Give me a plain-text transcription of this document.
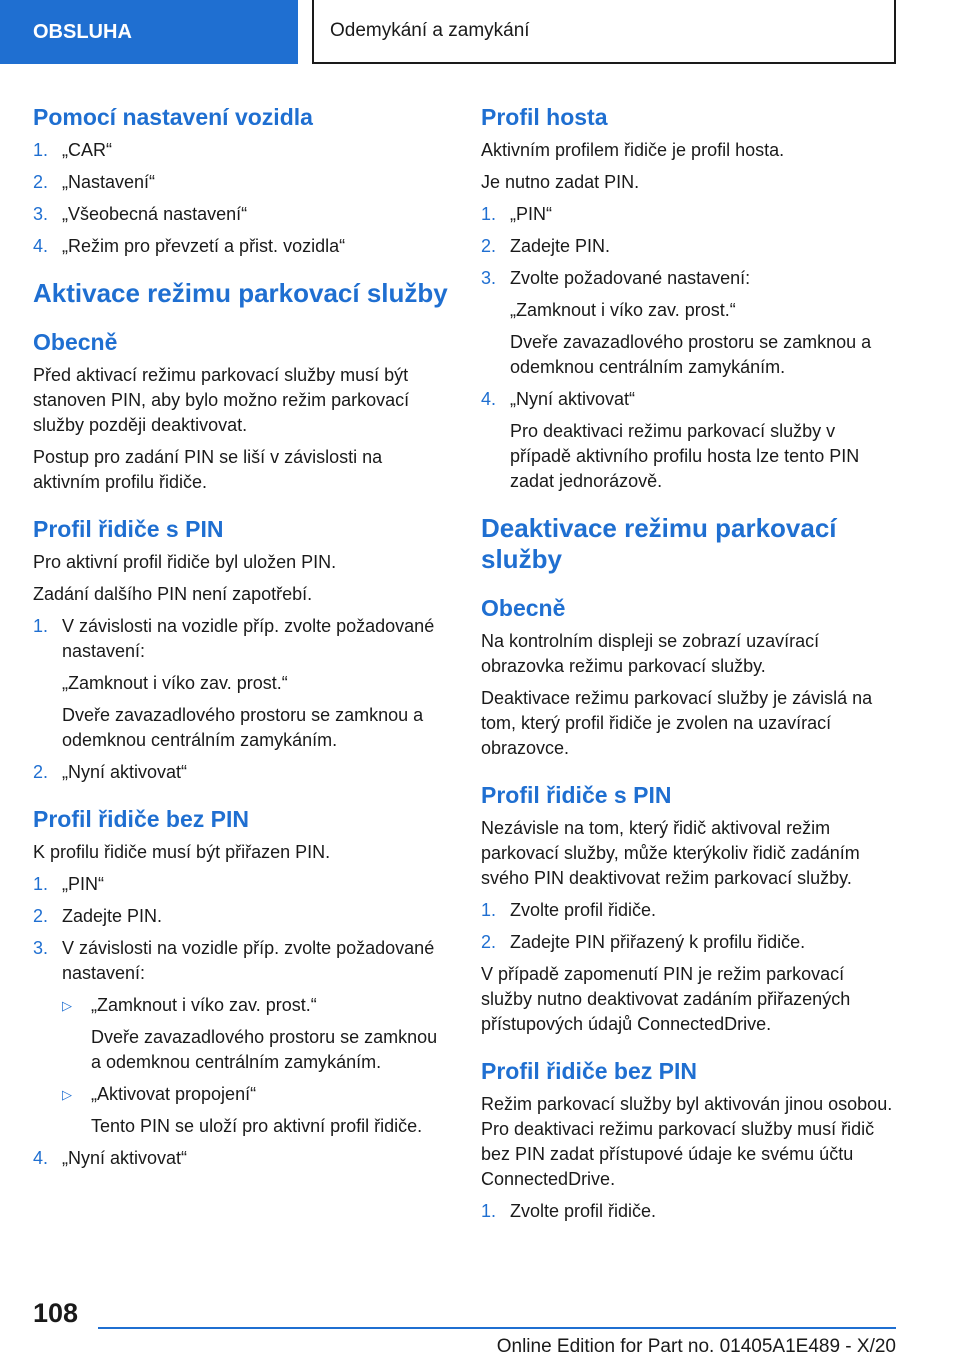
OBSLUHA	Odemykání a zamykání
Pomocí nastavení vozidla
1. „CAR“
2. „Nastavení“
3. „Všeobecná nastavení“
4. „Režim pro převzetí a přist. vozidla“
Aktivace režimu parkovací služby
Obecně
Před aktivací režimu parkovací služby musí být stanoven PIN, aby bylo možno režim parkovací služby později deaktivovat.
Postup pro zadání PIN se liší v závislosti na aktivním profilu řidiče.
Profil řidiče s PIN
Pro aktivní profil řidiče byl uložen PIN.
Zadání dalšího PIN není zapotřebí.
1. V závislosti na vozidle příp. zvolte požadované nastavení:
„Zamknout i víko zav. prost.“
Dveře zavazadlového prostoru se zamknou a odemknou centrálním zamykáním.
2. „Nyní aktivovat“
Profil řidiče bez PIN
K profilu řidiče musí být přiřazen PIN.
1. „PIN“
2. Zadejte PIN.
3. V závislosti na vozidle příp. zvolte požadované nastavení:
▷	„Zamknout i víko zav. prost.“
Dveře zavazadlového prostoru se zamknou a odemknou centrálním zamykáním.
▷	„Aktivovat propojení“
Tento PIN se uloží pro aktivní profil řidiče.
4. „Nyní aktivovat“
Profil hosta
Aktivním profilem řidiče je profil hosta.
Je nutno zadat PIN.
1. „PIN“
2. Zadejte PIN.
3. Zvolte požadované nastavení:
„Zamknout i víko zav. prost.“
Dveře zavazadlového prostoru se zamknou a odemknou centrálním zamykáním.
4. „Nyní aktivovat“
Pro deaktivaci režimu parkovací služby v případě aktivního profilu hosta lze tento PIN zadat jednorázově.
Deaktivace režimu parkovací služby
Obecně
Na kontrolním displeji se zobrazí uzavírací obrazovka režimu parkovací služby.
Deaktivace režimu parkovací služby je závislá na tom, který profil řidiče je zvolen na uzavírací obrazovce.
Profil řidiče s PIN
Nezávisle na tom, který řidič aktivoval režim parkovací služby, může kterýkoliv řidič zadáním svého PIN deaktivovat režim parkovací služby.
1. Zvolte profil řidiče.
2. Zadejte PIN přiřazený k profilu řidiče.
V případě zapomenutí PIN je režim parkovací služby nutno deaktivovat zadáním přiřazených přístupových údajů ConnectedDrive.
Profil řidiče bez PIN
Režim parkovací služby byl aktivován jinou osobou. Pro deaktivaci režimu parkovací služby musí řidič bez PIN zadat přístupové údaje ke svému účtu ConnectedDrive.
1. Zvolte profil řidiče.
108
Online Edition for Part no. 01405A1E489 - X/20
